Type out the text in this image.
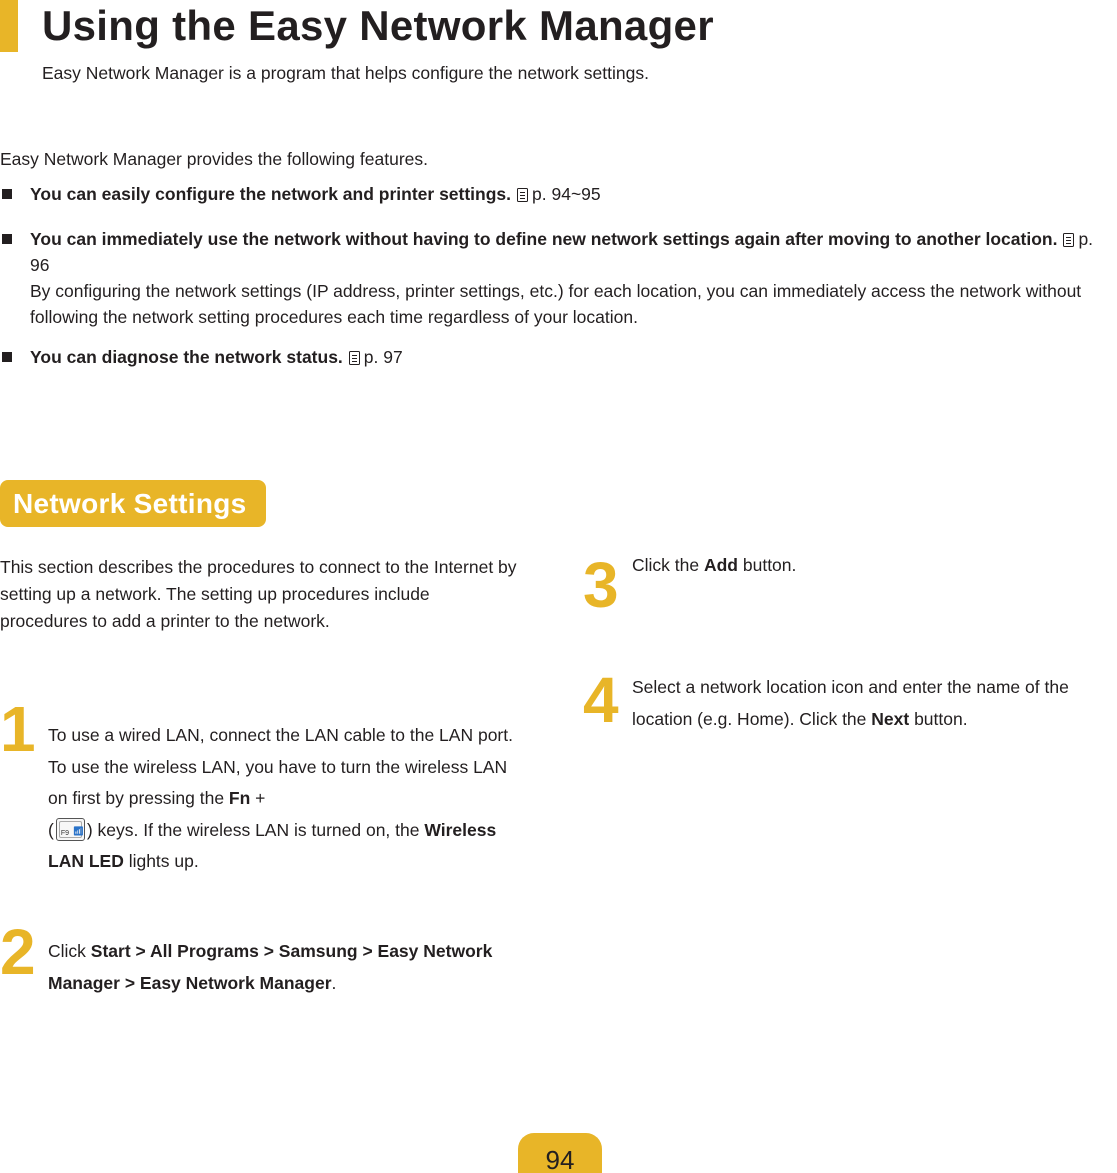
Using the Easy Network Manager
Easy Network Manager is a program that helps configure the network settings.
Easy Network Manager provides the following features.
You can easily configure the network and printer settings. p. 94~95
You can immediately use the network without having to define new network settings again after moving to another location. p. 96
By configuring the network settings (IP address, printer settings, etc.) for each location, you can immediately access the network without following the network setting procedures each time regardless of your location.
You can diagnose the network status. p. 97
Network Settings
This section describes the procedures to connect to the Internet by setting up a network. The setting up procedures include procedures to add a printer to the network.
1 To use a wired LAN, connect the LAN cable to the LAN port. To use the wireless LAN, you have to turn the wireless LAN on first by pressing the Fn +
( F9 📶︎ ) keys. If the wireless LAN is turned on, the Wireless LAN LED lights up.
2 Click Start > All Programs > Samsung > Easy Network Manager > Easy Network Manager.
3 Click the Add button.
4 Select a network location icon and enter the name of the location (e.g. Home). Click the Next button.
94
